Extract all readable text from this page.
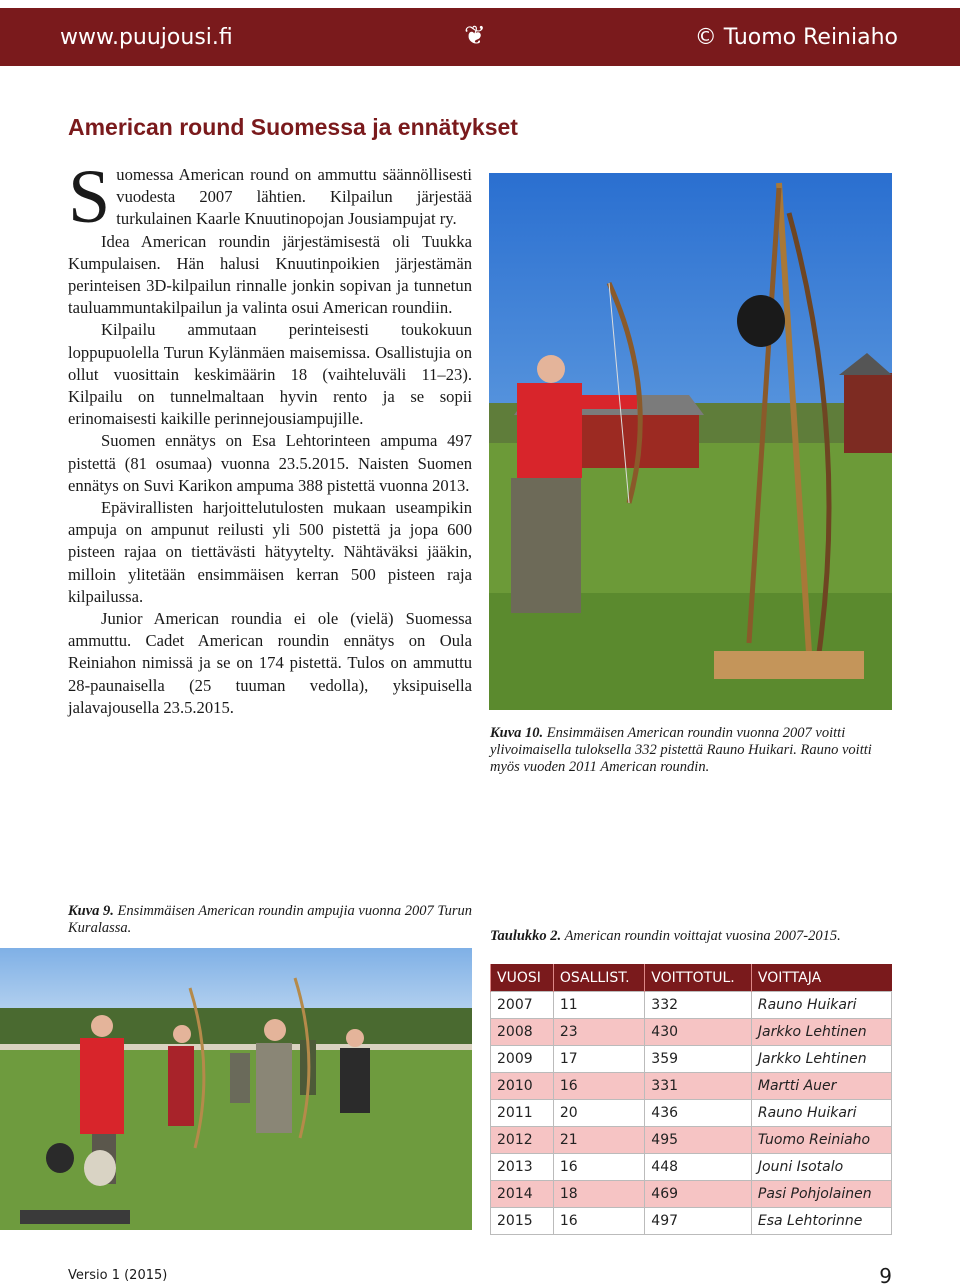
www.puujousi.fi	❦	© Tuomo Reiniaho
American round Suomessa ja ennätykset

Suomessa American round on ammuttu säännöllisesti vuodesta 2007 lähtien. Kilpailun järjestää turkulainen Kaarle Knuutinopojan Jousiampujat ry.

Idea American roundin järjestämisestä oli Tuukka Kumpulaisen. Hän halusi Knuutinpoikien järjestämän perinteisen 3D-kilpailun rinnalle jonkin sopivan ja tunnetun tauluammuntakilpailun ja valinta osui American roundiin.

Kilpailu ammutaan perinteisesti toukokuun loppupuolella Turun Kylänmäen maisemissa. Osallistujia on ollut vuosittain keskimäärin 18 (vaihteluväli 11–23). Kilpailu on tunnelmaltaan hyvin rento ja se sopii erinomaisesti kaikille perinnejousiampujille.

Suomen ennätys on Esa Lehtorinteen ampuma 497 pistettä (81 osumaa) vuonna 23.5.2015. Naisten Suomen ennätys on Suvi Karikon ampuma 388 pistettä vuonna 2013.

Epävirallisten harjoittelutulosten mukaan useampikin ampuja on ampunut reilusti yli 500 pistettä ja jopa 600 pisteen rajaa on tiettävästi hätyytelty. Nähtäväksi jääkin, milloin ylitetään ensimmäisen kerran 500 pisteen raja kilpailussa.

Junior American roundia ei ole (vielä) Suomessa ammuttu. Cadet American roundin ennätys on Oula Reiniahon nimissä ja se on 174 pistettä. Tulos on ammuttu 28-paunaisella (25 tuuman vedolla), yksipuisella jalavajousella 23.5.2015.

Kuva 10. Ensimmäisen American roundin vuonna 2007 voitti ylivoimaisella tuloksella 332 pistettä Rauno Huikari. Rauno voitti myös vuoden 2011 American roundin.
Kuva 9. Ensimmäisen American roundin ampujia vuonna 2007 Turun Kuralassa.	Taulukko 2. American roundin voittajat vuosina 2007-2015.
VUOSI	OSALLIST.	VOITTOTUL.	VOITTAJA
2007	11	332	Rauno Huikari
2008	23	430	Jarkko Lehtinen
2009	17	359	Jarkko Lehtinen
2010	16	331	Martti Auer
2011	20	436	Rauno Huikari
2012	21	495	Tuomo Reiniaho
2013	16	448	Jouni Isotalo
2014	18	469	Pasi Pohjolainen
2015	16	497	Esa Lehtorinne
Versio 1 (2015)	9
